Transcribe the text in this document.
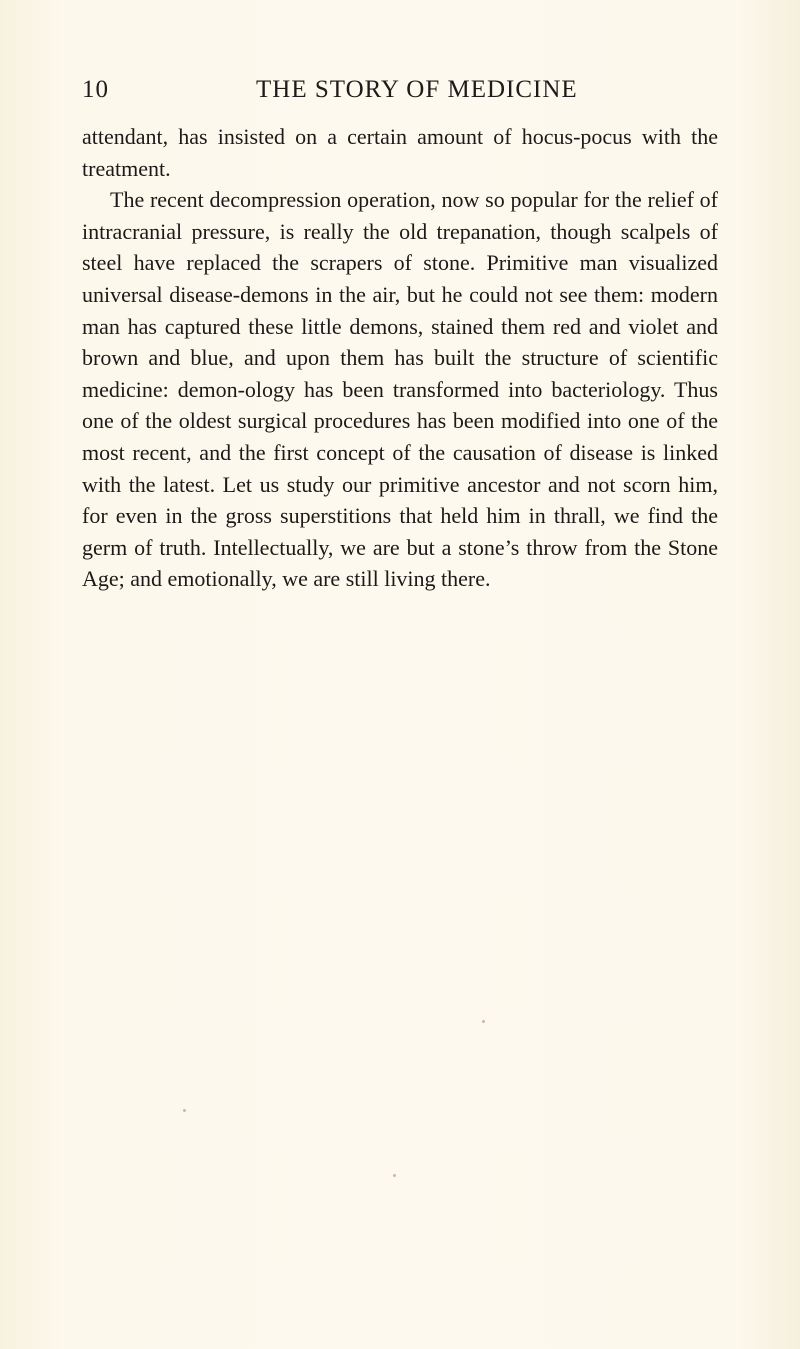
10	THE STORY OF MEDICINE

attendant, has insisted on a certain amount of hocus-pocus with the treatment.

The recent decompression operation, now so popular for the relief of intracranial pressure, is really the old trepanation, though scalpels of steel have replaced the scrapers of stone. Primitive man visualized universal disease-demons in the air, but he could not see them: modern man has captured these little demons, stained them red and violet and brown and blue, and upon them has built the structure of scientific medicine: demon-ology has been transformed into bacteriology. Thus one of the oldest surgical procedures has been modified into one of the most recent, and the first concept of the causation of disease is linked with the latest. Let us study our primitive ancestor and not scorn him, for even in the gross superstitions that held him in thrall, we find the germ of truth. Intellectually, we are but a stone’s throw from the Stone Age; and emotionally, we are still living there.
